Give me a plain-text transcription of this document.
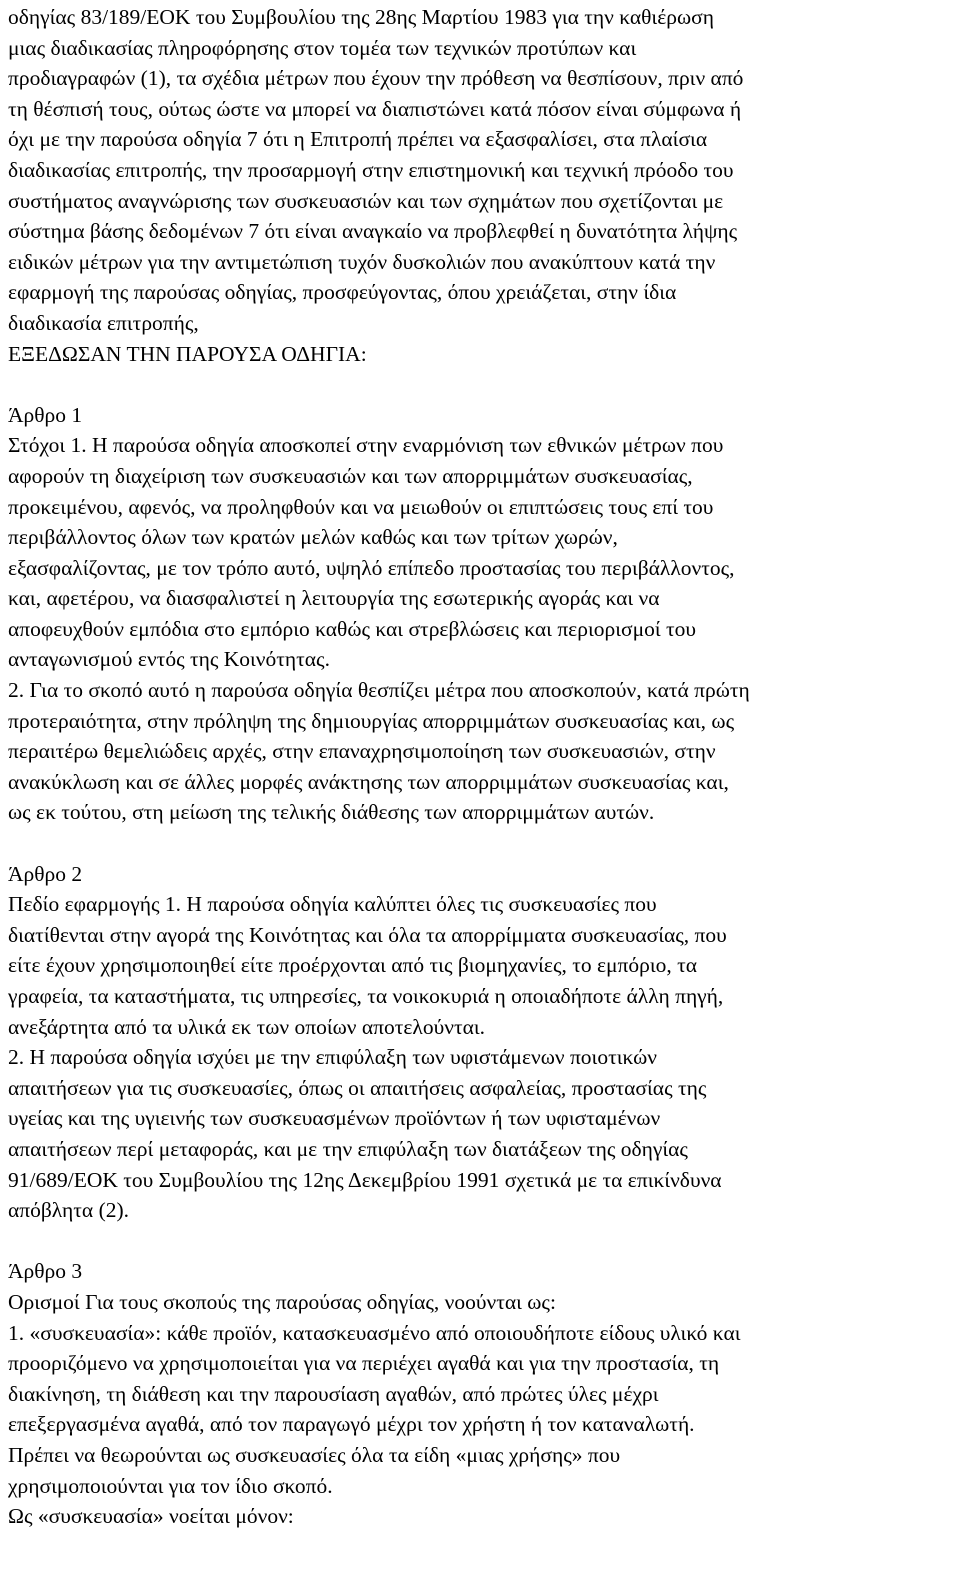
οδηγίας 83/189/ΕΟΚ του Συμβουλίου της 28ης Μαρτίου 1983 για την καθιέρωση
μιας διαδικασίας πληροφόρησης στον τομέα των τεχνικών προτύπων και
προδιαγραφών (1), τα σχέδια μέτρων που έχουν την πρόθεση να θεσπίσουν, πριν από
τη θέσπισή τους, ούτως ώστε να μπορεί να διαπιστώνει κατά πόσον είναι σύμφωνα ή
όχι με την παρούσα οδηγία 7 ότι η Επιτροπή πρέπει να εξασφαλίσει, στα πλαίσια
διαδικασίας επιτροπής, την προσαρμογή στην επιστημονική και τεχνική πρόοδο του
συστήματος αναγνώρισης των συσκευασιών και των σχημάτων που σχετίζονται με
σύστημα βάσης δεδομένων 7 ότι είναι αναγκαίο να προβλεφθεί η δυνατότητα λήψης
ειδικών μέτρων για την αντιμετώπιση τυχόν δυσκολιών που ανακύπτουν κατά την
εφαρμογή της παρούσας οδηγίας, προσφεύγοντας, όπου χρειάζεται, στην ίδια
διαδικασία επιτροπής,
ΕΞΕΔΩΣΑΝ ΤΗΝ ΠΑΡΟΥΣΑ ΟΔΗΓΙΑ:
Άρθρο 1
Στόχοι 1. Η παρούσα οδηγία αποσκοπεί στην εναρμόνιση των εθνικών μέτρων που
αφορούν τη διαχείριση των συσκευασιών και των απορριμμάτων συσκευασίας,
προκειμένου, αφενός, να προληφθούν και να μειωθούν οι επιπτώσεις τους επί του
περιβάλλοντος όλων των κρατών μελών καθώς και των τρίτων χωρών,
εξασφαλίζοντας, με τον τρόπο αυτό, υψηλό επίπεδο προστασίας του περιβάλλοντος,
και, αφετέρου, να διασφαλιστεί η λειτουργία της εσωτερικής αγοράς και να
αποφευχθούν εμπόδια στο εμπόριο καθώς και στρεβλώσεις και περιορισμοί του
ανταγωνισμού εντός της Κοινότητας.
2. Για το σκοπό αυτό η παρούσα οδηγία θεσπίζει μέτρα που αποσκοπούν, κατά πρώτη
προτεραιότητα, στην πρόληψη της δημιουργίας απορριμμάτων συσκευασίας και, ως
περαιτέρω θεμελιώδεις αρχές, στην επαναχρησιμοποίηση των συσκευασιών, στην
ανακύκλωση και σε άλλες μορφές ανάκτησης των απορριμμάτων συσκευασίας και,
ως εκ τούτου, στη μείωση της τελικής διάθεσης των απορριμμάτων αυτών.
Άρθρο 2
Πεδίο εφαρμογής 1. Η παρούσα οδηγία καλύπτει όλες τις συσκευασίες που
διατίθενται στην αγορά της Κοινότητας και όλα τα απορρίμματα συσκευασίας, που
είτε έχουν χρησιμοποιηθεί είτε προέρχονται από τις βιομηχανίες, το εμπόριο, τα
γραφεία, τα καταστήματα, τις υπηρεσίες, τα νοικοκυριά η οποιαδήποτε άλλη πηγή,
ανεξάρτητα από τα υλικά εκ των οποίων αποτελούνται.
2. Η παρούσα οδηγία ισχύει με την επιφύλαξη των υφιστάμενων ποιοτικών
απαιτήσεων για τις συσκευασίες, όπως οι απαιτήσεις ασφαλείας, προστασίας της
υγείας και της υγιεινής των συσκευασμένων προϊόντων ή των υφισταμένων
απαιτήσεων περί μεταφοράς, και με την επιφύλαξη των διατάξεων της οδηγίας
91/689/ΕΟΚ του Συμβουλίου της 12ης Δεκεμβρίου 1991 σχετικά με τα επικίνδυνα
απόβλητα (2).
Άρθρο 3
Ορισμοί Για τους σκοπούς της παρούσας οδηγίας, νοούνται ως:
1. «συσκευασία»: κάθε προϊόν, κατασκευασμένο από οποιουδήποτε είδους υλικό και
προοριζόμενο να χρησιμοποιείται για να περιέχει αγαθά και για την προστασία, τη
διακίνηση, τη διάθεση και την παρουσίαση αγαθών, από πρώτες ύλες μέχρι
επεξεργασμένα αγαθά, από τον παραγωγό μέχρι τον χρήστη ή τον καταναλωτή.
Πρέπει να θεωρούνται ως συσκευασίες όλα τα είδη «μιας χρήσης» που
χρησιμοποιούνται για τον ίδιο σκοπό.
Ως «συσκευασία» νοείται μόνον:
